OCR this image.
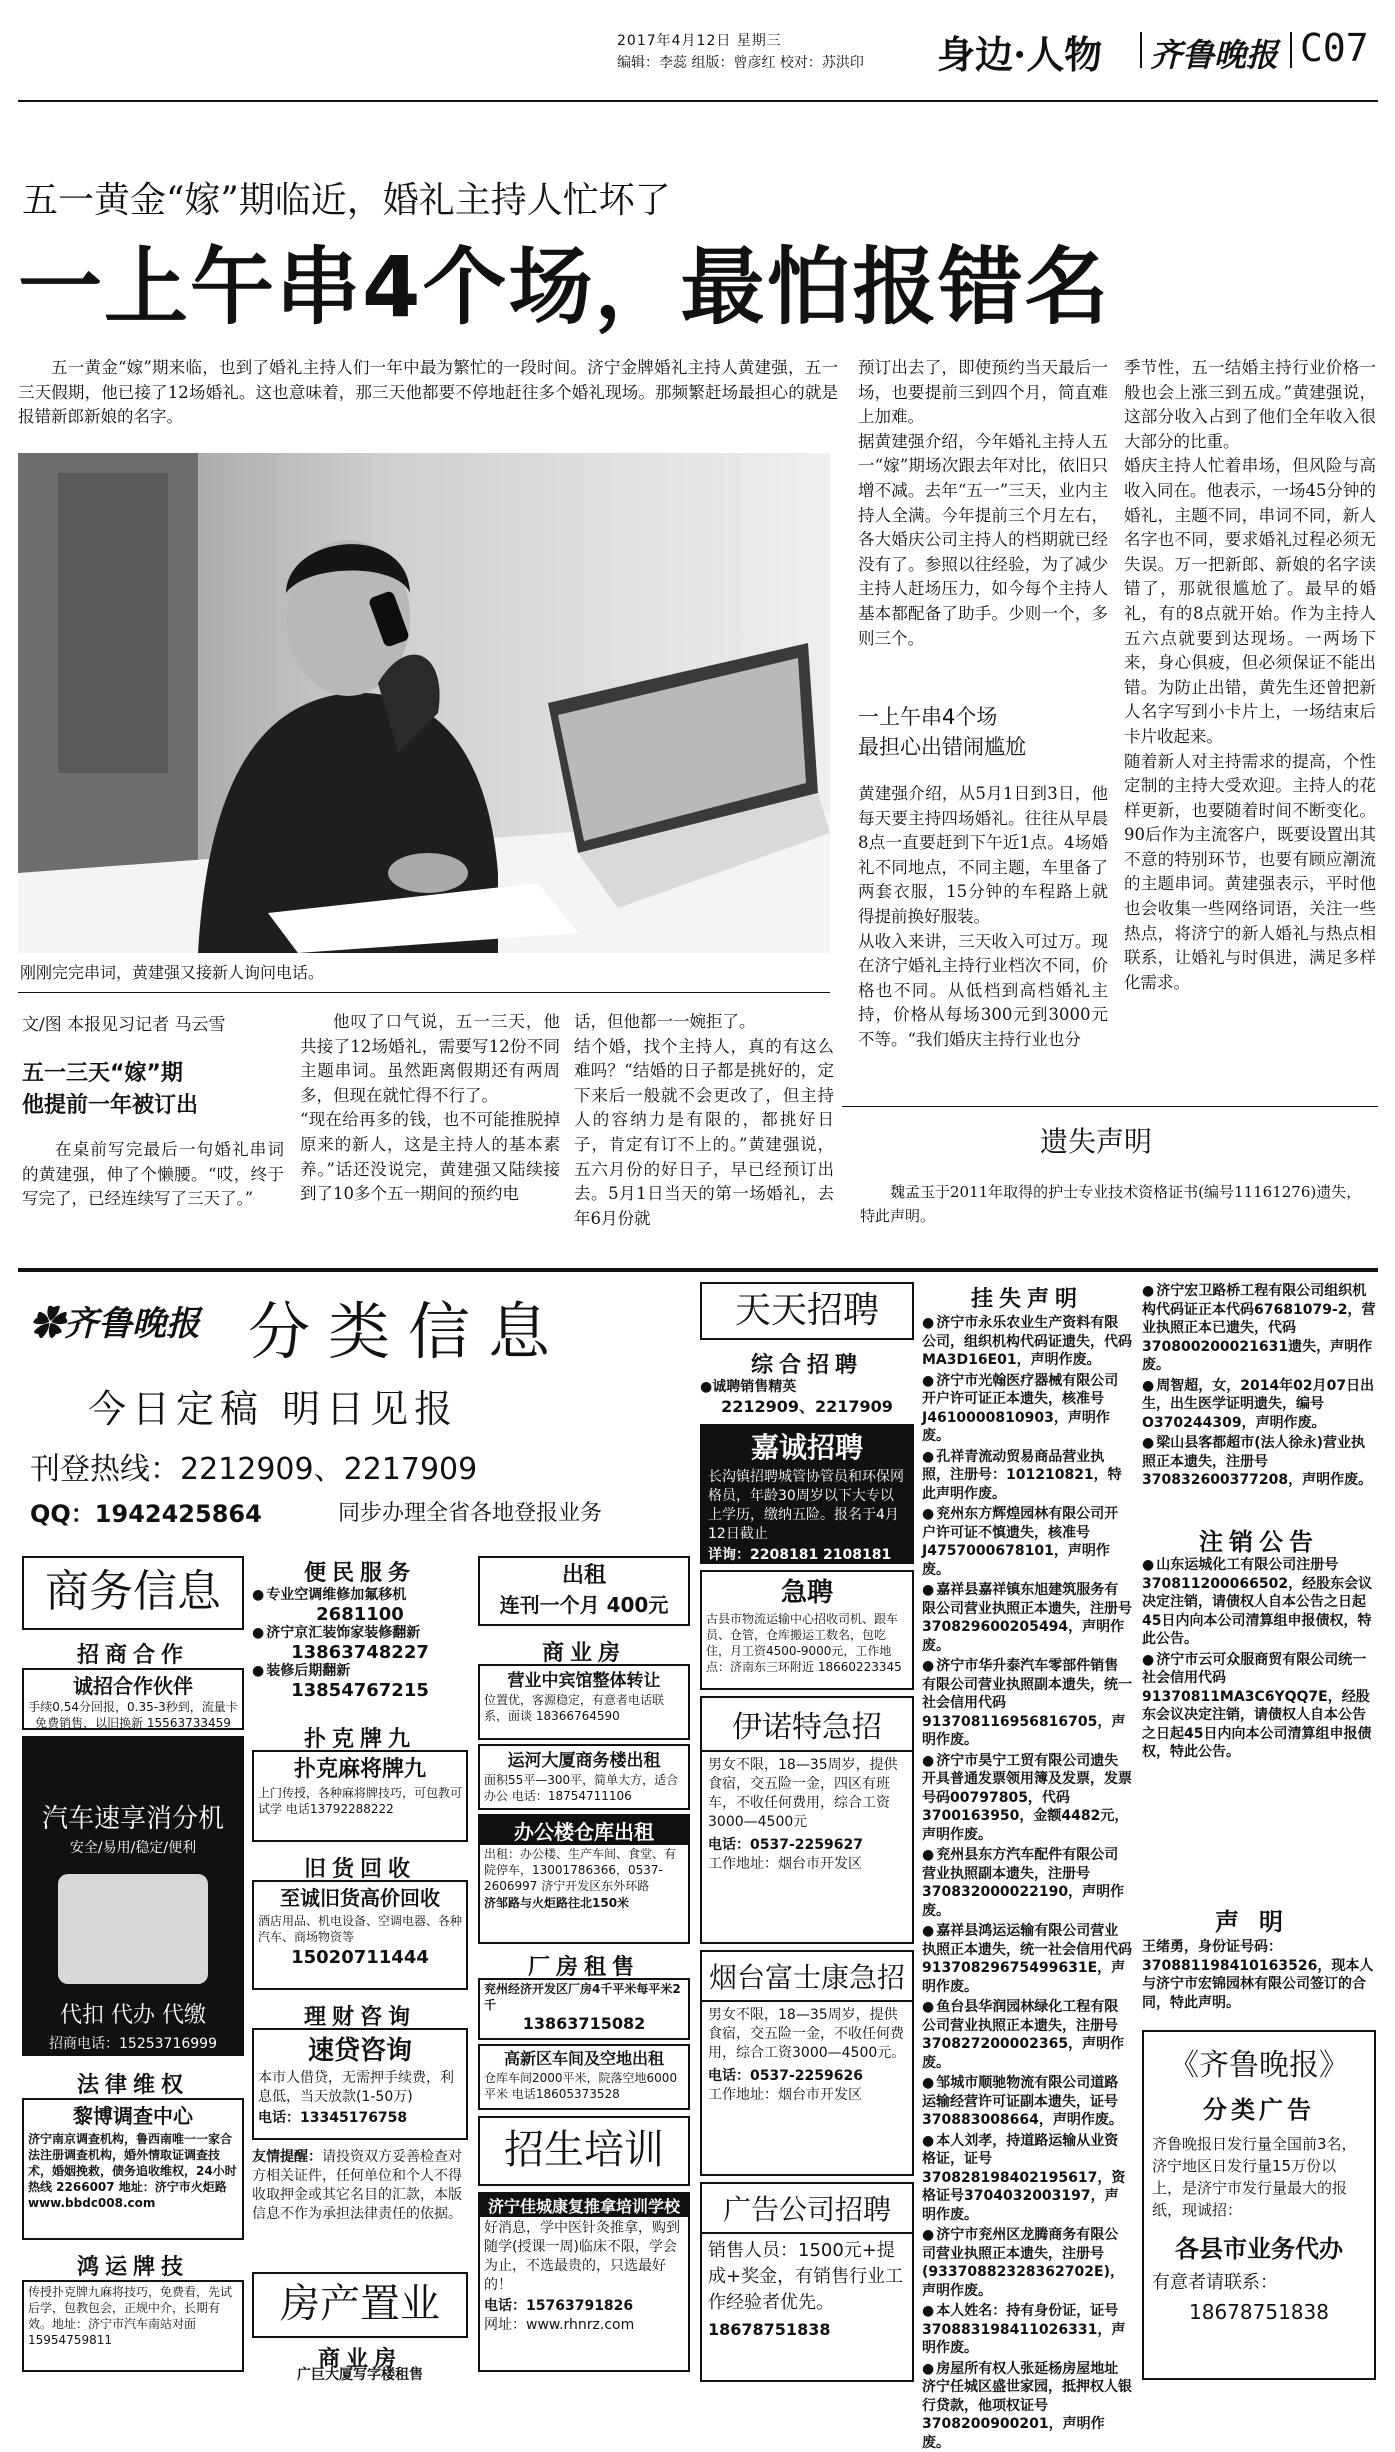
2017年4月12日 星期三
编辑：李蕊 组版：曾彦红 校对：苏洪印	身边·人物 齐鲁晚报 C07
五一黄金“嫁”期临近，婚礼主持人忙坏了
一上午串4个场，最怕报错名

五一黄金“嫁”期来临，也到了婚礼主持人们一年中最为繁忙的一段时间。济宁金牌婚礼主持人黄建强，五一三天假期，他已接了12场婚礼。这也意味着，那三天他都要不停地赶往多个婚礼现场。那频繁赶场最担心的就是报错新郎新娘的名字。

刚刚完完串词，黄建强又接新人询问电话。
文/图 本报见习记者 马云雪
五一三天“嫁”期
他提前一年被订出

在桌前写完最后一句婚礼串词的黄建强，伸了个懒腰。“哎，终于写完了，已经连续写了三天了。”

他叹了口气说，五一三天，他共接了12场婚礼，需要写12份不同主题串词。虽然距离假期还有两周多，但现在就忙得不行了。
“现在给再多的钱，也不可能推脱掉原来的新人，这是主持人的基本素养。”话还没说完，黄建强又陆续接到了10多个五一期间的预约电
话，但他都一一婉拒了。
结个婚，找个主持人，真的有这么难吗？“结婚的日子都是挑好的，定下来后一般就不会更改了，但主持人的容纳力是有限的，都挑好日子，肯定有订不上的。”黄建强说，五六月份的好日子，早已经预订出去。5月1日当天的第一场婚礼，去年6月份就
预订出去了，即使预约当天最后一场，也要提前三到四个月，简直难上加难。
据黄建强介绍，今年婚礼主持人五一“嫁”期场次跟去年对比，依旧只增不减。去年“五一”三天，业内主持人全满。今年提前三个月左右，各大婚庆公司主持人的档期就已经没有了。参照以往经验，为了减少主持人赶场压力，如今每个主持人基本都配备了助手。少则一个，多则三个。
一上午串4个场
最担心出错闹尴尬
黄建强介绍，从5月1日到3日，他每天要主持四场婚礼。往往从早晨8点一直要赶到下午近1点。4场婚礼不同地点，不同主题，车里备了两套衣服，15分钟的车程路上就得提前换好服装。
从收入来讲，三天收入可过万。现在济宁婚礼主持行业档次不同，价格也不同。从低档到高档婚礼主持，价格从每场300元到3000元不等。“我们婚庆主持行业也分
季节性，五一结婚主持行业价格一般也会上涨三到五成。”黄建强说，这部分收入占到了他们全年收入很大部分的比重。
婚庆主持人忙着串场，但风险与高收入同在。他表示，一场45分钟的婚礼，主题不同，串词不同，新人名字也不同，要求婚礼过程必须无失误。万一把新郎、新娘的名字读错了，那就很尴尬了。最早的婚礼，有的8点就开始。作为主持人五六点就要到达现场。一两场下来，身心俱疲，但必须保证不能出错。为防止出错，黄先生还曾把新人名字写到小卡片上，一场结束后卡片收起来。
随着新人对主持需求的提高，个性定制的主持大受欢迎。主持人的花样更新，也要随着时间不断变化。90后作为主流客户，既要设置出其不意的特别环节，也要有顾应潮流的主题串词。黄建强表示，平时他也会收集一些网络词语，关注一些热点，将济宁的新人婚礼与热点相联系，让婚礼与时俱进，满足多样化需求。
遗失声明
魏孟玉于2011年取得的护士专业技术资格证书(编号11161276)遗失，特此声明。
✿齐鲁晚报 分类信息
今日定稿 明日见报
刊登热线：2212909、2217909
QQ：1942425864	同步办理全省各地登报业务
商务信息
招商合作
诚招合作伙伴
手续0.54分回报，0.35-3秒到，流量卡免费销售，以旧换新 15563733459
汽车速享消分机
安全/易用/稳定/便利
代扣 代办 代缴
招商电话：15253716999
法律维权
黎博调查中心
济宁南京调查机构，鲁西南唯一一家合法注册调查机构，婚外情取证调查技术，婚姻挽救，债务追收维权，24小时热线 2266007 地址：济宁市火炬路 www.bbdc008.com
鸿运牌技
传授扑克牌九麻将技巧，免费看，先试后学，包教包会，正规中介，长期有效。地址：济宁市汽车南站对面 15954759811
便民服务
● 专业空调维修加氟移机
2681100
● 济宁京汇装饰家装修翻新
13863748227
● 装修后期翻新
13854767215
扑克牌九
扑克麻将牌九
上门传授，各种麻将牌技巧，可包教可试学 电话13792288222
旧货回收
至诚旧货高价回收
酒店用品、机电设备、空调电器、各种汽车、商场物资等
15020711444
理财咨询
速贷咨询
本市人借贷，无需押手续费，利息低，当天放款(1-50万)
电话：13345176758
友情提醒：请投资双方妥善检查对方相关证件，任何单位和个人不得收取押金或其它名目的汇款，本版信息不作为承担法律责任的依据。
房产置业
商业房
出租
连刊一个月 400元
商业房
营业中宾馆整体转让
位置优，客源稳定，有意者电话联系，面谈 18366764590
运河大厦商务楼出租
面积55平—300平，简单大方，适合办公 电话：18754711106
办公楼仓库出租
出租：办公楼、生产车间、食堂、有院停车，13001786366，0537-2606997 济宁开发区东外环路
济邹路与火炬路往北150米
厂房租售
兖州经济开发区厂房4千平米每平米2千
13863715082
高新区车间及空地出租
仓库车间2000平米，院落空地6000平米 电话18605373528
招生培训
济宁佳城康复推拿培训学校
好消息，学中医针灸推拿，购到随学(授课一周)临床不限，学会为止，不选最贵的，只选最好的！
电话：15763791826
网址：www.rhnrz.com
广巨大厦写字楼租售
天天招聘
综合招聘
●诚聘销售精英
2212909、2217909
嘉诚招聘
长沟镇招聘城管协管员和环保网格员，年龄30周岁以下大专以上学历，缴纳五险。报名于4月12日截止
详询：2208181 2108181
急聘
古县市物流运输中心招收司机、跟车员、仓管，仓库搬运工数名，包吃住，月工资4500-9000元，工作地点：济南东三环附近 18660223345
伊诺特急招
男女不限，18—35周岁，提供食宿，交五险一金，四区有班车，不收任何费用，综合工资3000—4500元
电话：0537-2259627
工作地址：烟台市开发区
烟台富士康急招
男女不限，18—35周岁，提供食宿，交五险一金，不收任何费用，综合工资3000—4500元。
电话：0537-2259626
工作地址：烟台市开发区
广告公司招聘
销售人员：1500元+提成+奖金，有销售行业工作经验者优先。
18678751838
挂失声明

● 济宁市永乐农业生产资料有限公司，组织机构代码证遗失，代码MA3D16E01，声明作废。

● 济宁市光翰医疗器械有限公司开户许可证正本遗失，核准号J4610000810903，声明作废。

● 孔祥青流动贸易商品营业执照，注册号：101210821，特此声明作废。

● 兖州东方辉煌园林有限公司开户许可证不慎遗失，核准号J4757000678101，声明作废。

● 嘉祥县嘉祥镇东旭建筑服务有限公司营业执照正本遗失，注册号370829600205494，声明作废。

● 济宁市华升泰汽车零部件销售有限公司营业执照副本遗失，统一社会信用代码913708116956816705，声明作废。

● 济宁市昊宁工贸有限公司遗失开具普通发票领用簿及发票，发票号码00797805，代码3700163950，金额4482元，声明作废。

● 兖州县东方汽车配件有限公司营业执照副本遗失，注册号370832000022190，声明作废。

● 嘉祥县鸿运运输有限公司营业执照正本遗失，统一社会信用代码91370829675499631E，声明作废。

● 鱼台县华润园林绿化工程有限公司营业执照正本遗失，注册号370827200002365，声明作废。

● 邹城市顺驰物流有限公司道路运输经营许可证副本遗失，证号370883008664，声明作废。

● 本人刘孝，持道路运输从业资格证，证号370828198402195617，资格证号3704032003197，声明作废。

● 济宁市兖州区龙腾商务有限公司营业执照正本遗失，注册号(93370882328362702E)，声明作废。

● 本人姓名：持有身份证，证号370883198411026331，声明作废。

● 房屋所有权人张延杨房屋地址济宁任城区盛世家园，抵押权人银行贷款，他项权证号3708200900201，声明作废。

● 济宁宏卫路桥工程有限公司组织机构代码证正本代码67681079-2，营业执照正本已遗失，代码370800200021631遗失，声明作废。

● 周智超，女，2014年02月07日出生，出生医学证明遗失，编号O370244309，声明作废。

● 梁山县客都超市(法人徐永)营业执照正本遗失，注册号370832600377208，声明作废。

注销公告

● 山东运城化工有限公司注册号370811200066502，经股东会议决定注销，请债权人自本公告之日起45日内向本公司清算组申报债权，特此公告。

● 济宁市云可众服商贸有限公司统一社会信用代码91370811MA3C6YQQ7E，经股东会议决定注销，请债权人自本公告之日起45日内向本公司清算组申报债权，特此公告。

声明
王绪勇，身份证号码：370881198410163526，现本人与济宁市宏锦园林有限公司签订的合同，特此声明。
《齐鲁晚报》
分类广告
齐鲁晚报日发行量全国前3名，济宁地区日发行量15万份以上，是济宁市发行量最大的报纸，现诚招：
各县市业务代办
有意者请联系：
18678751838
